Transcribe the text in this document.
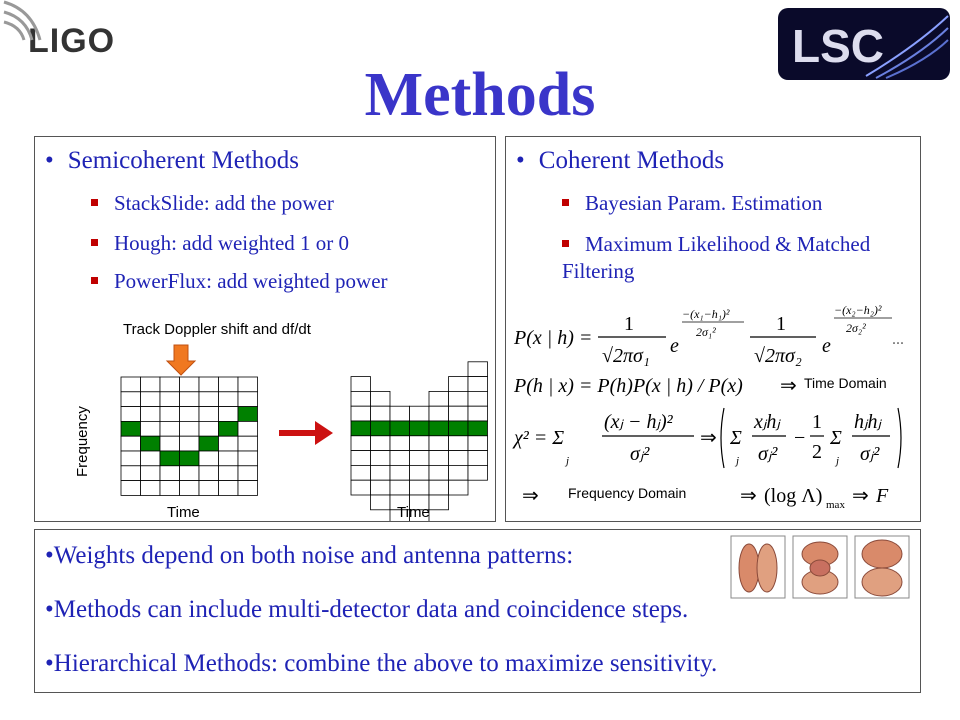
LIGO	LSC
Methods
• Semicoherent Methods
StackSlide: add the power
Hough: add weighted 1 or 0
PowerFlux: add weighted power
Track Doppler shift and df/dt
Frequency
Time	Time
• Coherent Methods
Bayesian Param. Estimation
Maximum Likelihood & Matched Filtering
P(x | h) =
1
√2πσ₁ e
−(x₁−h₁)²
2σ₁²	1
√2πσ₂ e
−(x₂−h₂)²
2σ₂²
...
P(h | x) = P(h)P(x | h) / P(x) ⇒ Time Domain
χ² = Σ
j
(xⱼ − hⱼ)²
σⱼ²
⇒ Σ
j
xⱼhⱼ
σⱼ²
−
1
2
Σ
j
hⱼhⱼ
σⱼ²
⇒ Frequency Domain	⇒ (log Λ) max ⇒ F
•Weights depend on both noise and antenna patterns:
•Methods can include multi-detector data and coincidence steps.
•Hierarchical Methods: combine the above to maximize sensitivity.
